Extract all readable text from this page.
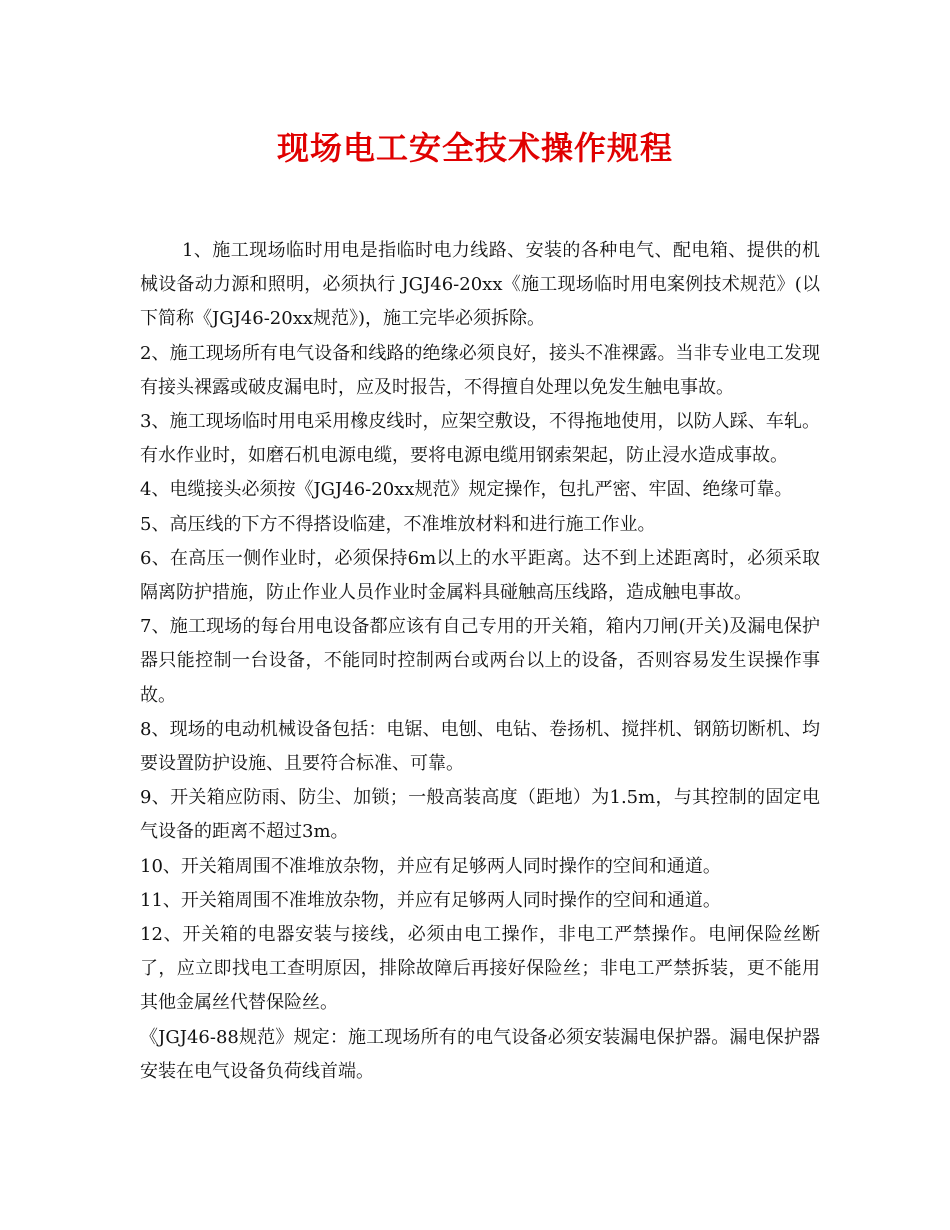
现场电工安全技术操作规程

1、施工现场临时用电是指临时电力线路、安装的各种电气、配电箱、提供的机械设备动力源和照明，必须执行 JGJ46-20xx《施工现场临时用电案例技术规范》(以下简称《JGJ46-20xx规范》)，施工完毕必须拆除。

2、施工现场所有电气设备和线路的绝缘必须良好，接头不准裸露。当非专业电工发现有接头裸露或破皮漏电时，应及时报告，不得擅自处理以免发生触电事故。

3、施工现场临时用电采用橡皮线时，应架空敷设，不得拖地使用，以防人踩、车轧。有水作业时，如磨石机电源电缆，要将电源电缆用钢索架起，防止浸水造成事故。

4、电缆接头必须按《JGJ46-20xx规范》规定操作，包扎严密、牢固、绝缘可靠。

5、高压线的下方不得搭设临建，不准堆放材料和进行施工作业。

6、在高压一侧作业时，必须保持6m以上的水平距离。达不到上述距离时，必须采取隔离防护措施，防止作业人员作业时金属料具碰触高压线路，造成触电事故。

7、施工现场的每台用电设备都应该有自己专用的开关箱，箱内刀闸(开关)及漏电保护器只能控制一台设备，不能同时控制两台或两台以上的设备，否则容易发生误操作事故。

8、现场的电动机械设备包括：电锯、电刨、电钻、卷扬机、搅拌机、钢筋切断机、均要设置防护设施、且要符合标准、可靠。

9、开关箱应防雨、防尘、加锁；一般高装高度（距地）为1.5m，与其控制的固定电气设备的距离不超过3m。

10、开关箱周围不准堆放杂物，并应有足够两人同时操作的空间和通道。

11、开关箱周围不准堆放杂物，并应有足够两人同时操作的空间和通道。

12、开关箱的电器安装与接线，必须由电工操作，非电工严禁操作。电闸保险丝断了，应立即找电工查明原因，排除故障后再接好保险丝；非电工严禁拆装，更不能用其他金属丝代替保险丝。

《JGJ46-88规范》规定：施工现场所有的电气设备必须安装漏电保护器。漏电保护器安装在电气设备负荷线首端。
